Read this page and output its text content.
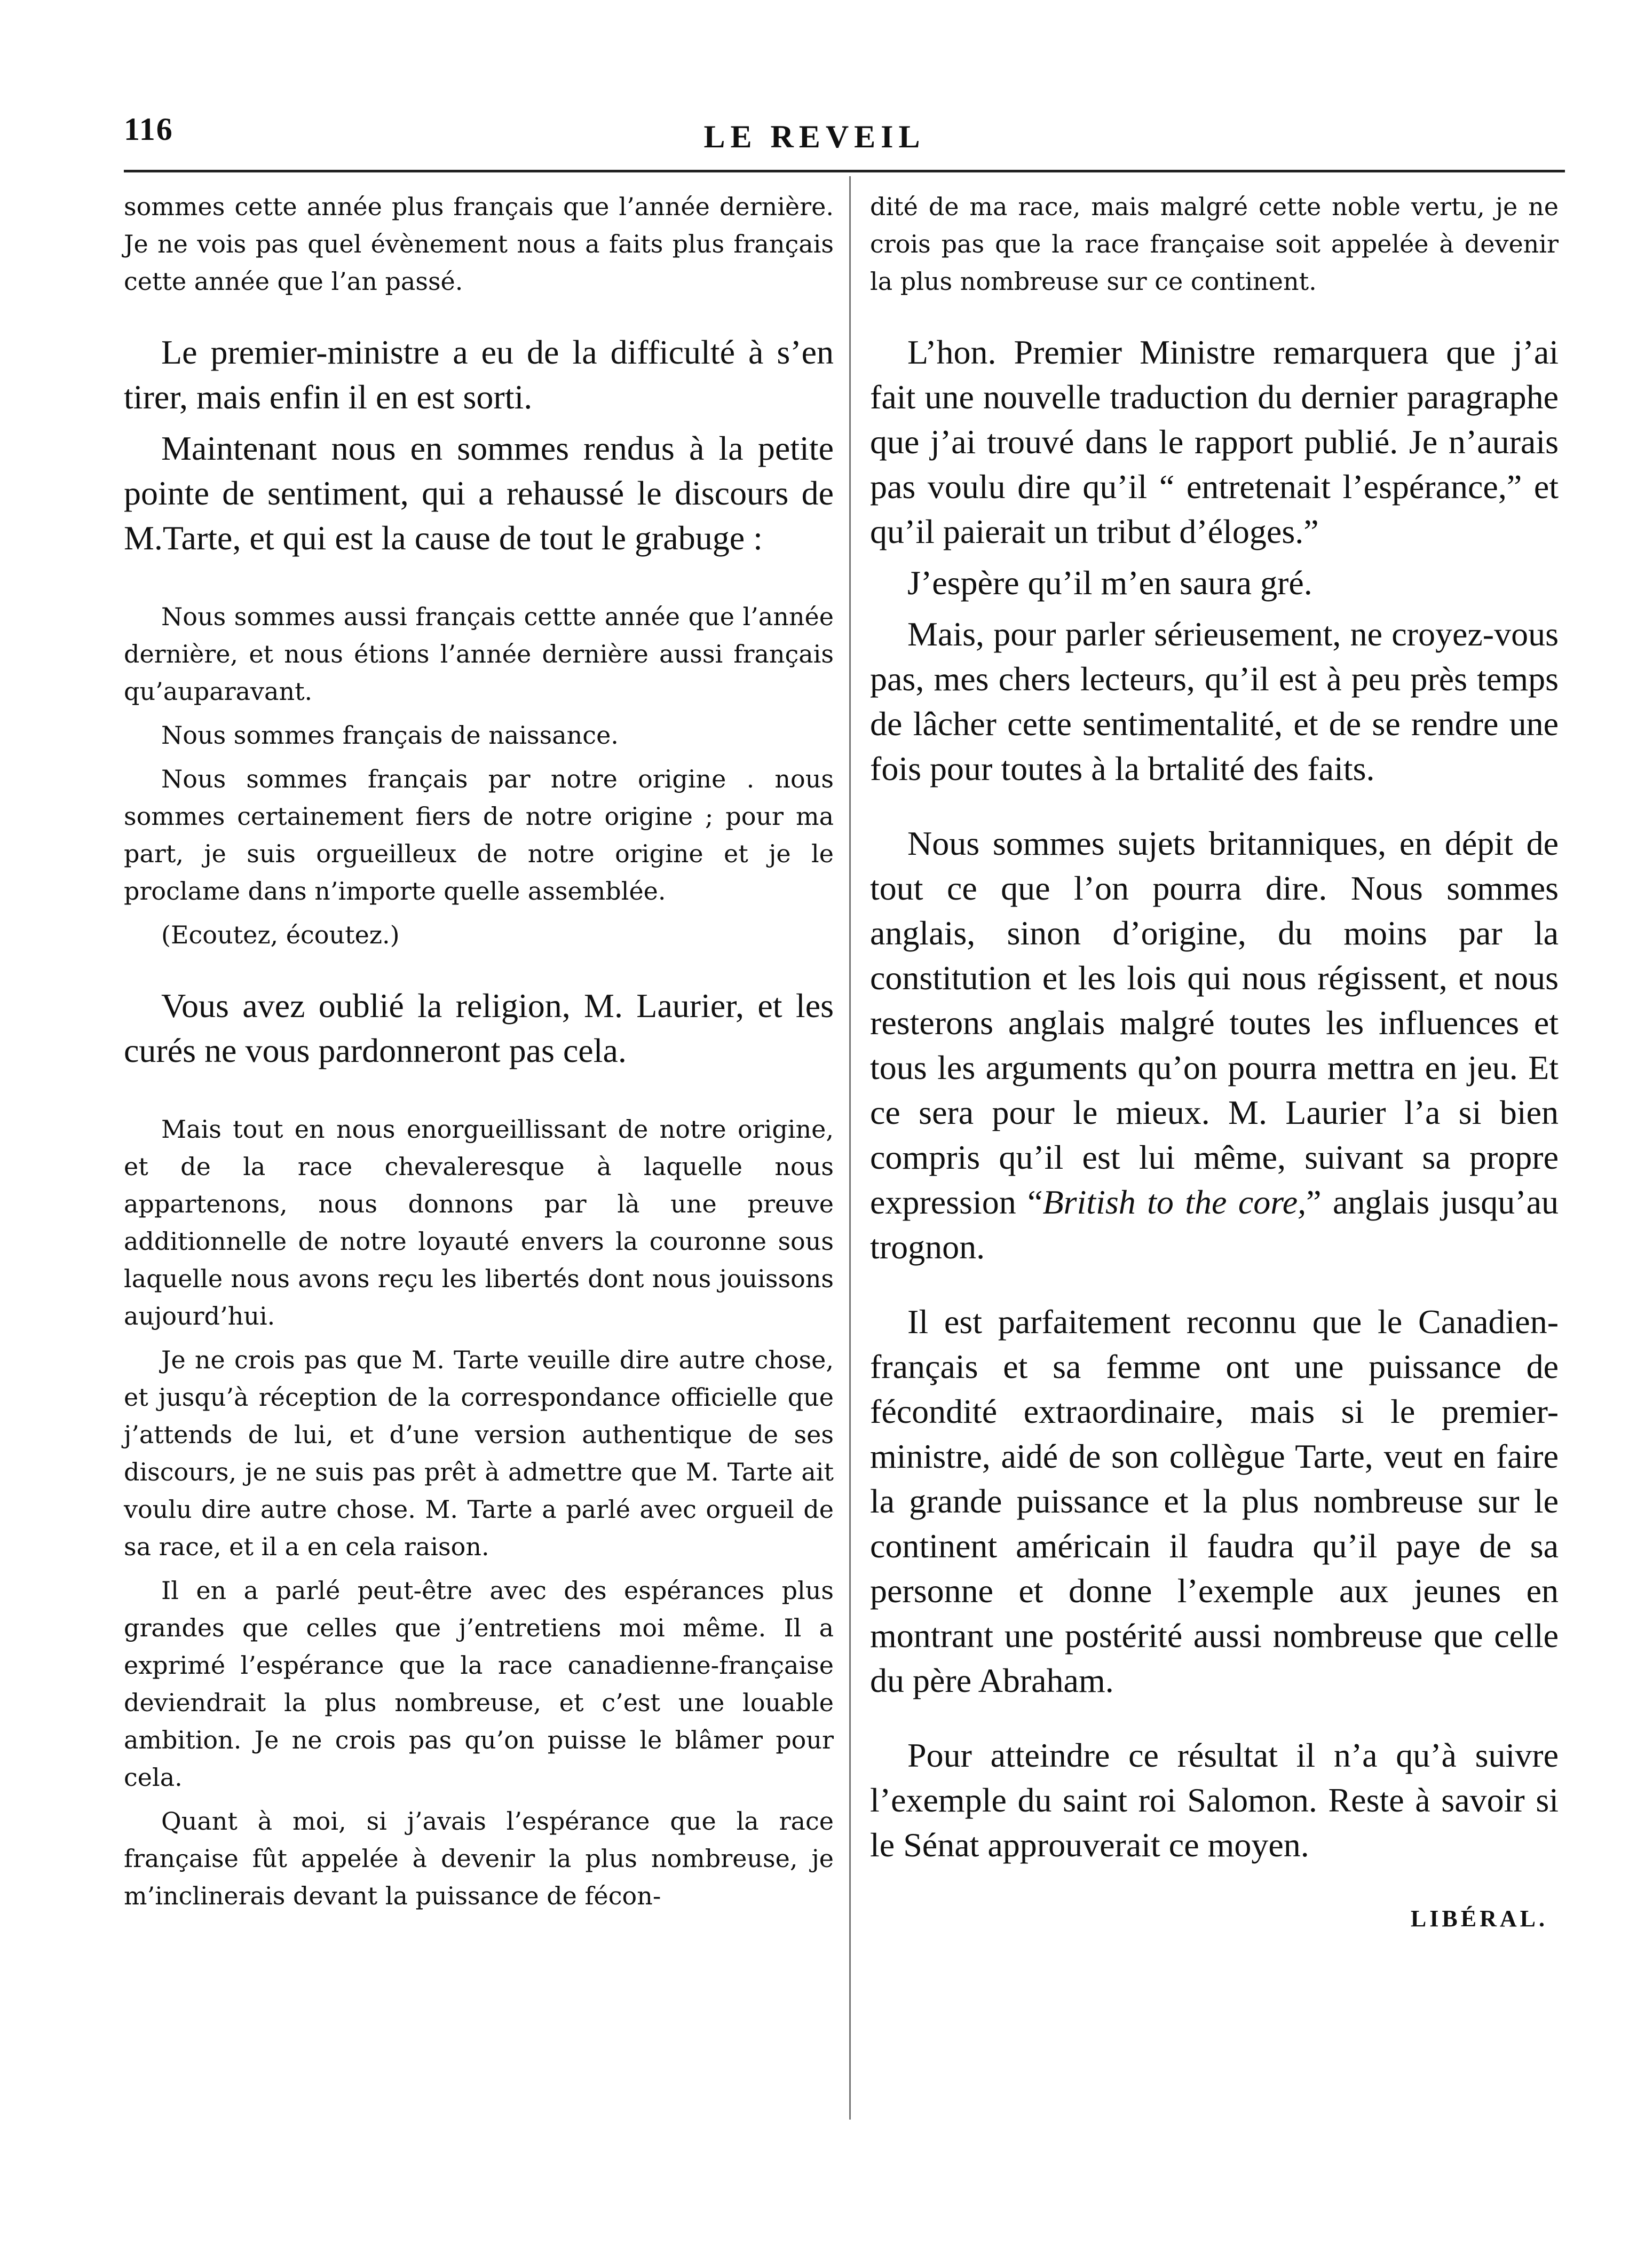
116	LE REVEIL

sommes cette année plus français que l’année dernière. Je ne vois pas quel évènement nous a faits plus français cette année que l’an passé.

Le premier-ministre a eu de la difficulté à s’en tirer, mais enfin il en est sorti.

Maintenant nous en sommes rendus à la petite pointe de sentiment, qui a rehaussé le discours de M.Tarte, et qui est la cause de tout le grabuge :

Nous sommes aussi français cettte année que l’année dernière, et nous étions l’année dernière aussi français qu’auparavant.

Nous sommes français de naissance.

Nous sommes français par notre origine . nous sommes certainement fiers de notre origine ; pour ma part, je suis orgueilleux de notre origine et je le proclame dans n’importe quelle assemblée.

(Ecoutez, écoutez.)

Vous avez oublié la religion, M. Laurier, et les curés ne vous pardonneront pas cela.

Mais tout en nous enorgueillissant de notre origine, et de la race chevaleresque à laquelle nous appartenons, nous donnons par là une preuve additionnelle de notre loyauté envers la couronne sous laquelle nous avons reçu les libertés dont nous jouissons aujourd’hui.

Je ne crois pas que M. Tarte veuille dire autre chose, et jusqu’à réception de la correspondance officielle que j’attends de lui, et d’une version authentique de ses discours, je ne suis pas prêt à admettre que M. Tarte ait voulu dire autre chose. M. Tarte a parlé avec orgueil de sa race, et il a en cela raison.

Il en a parlé peut-être avec des espérances plus grandes que celles que j’entretiens moi même. Il a exprimé l’espérance que la race canadienne-française deviendrait la plus nombreuse, et c’est une louable ambition. Je ne crois pas qu’on puisse le blâmer pour cela.

Quant à moi, si j’avais l’espérance que la race française fût appelée à devenir la plus nombreuse, je m’inclinerais devant la puissance de fécon-

dité de ma race, mais malgré cette noble vertu, je ne crois pas que la race française soit appelée à devenir la plus nombreuse sur ce continent.

L’hon. Premier Ministre remarquera que j’ai fait une nouvelle traduction du dernier paragraphe que j’ai trouvé dans le rapport publié. Je n’aurais pas voulu dire qu’il “ entretenait l’espérance,” et qu’il paierait un tribut d’éloges.”

J’espère qu’il m’en saura gré.

Mais, pour parler sérieusement, ne croyez-vous pas, mes chers lecteurs, qu’il est à peu près temps de lâcher cette sentimentalité, et de se rendre une fois pour toutes à la brtalité des faits.

Nous sommes sujets britanniques, en dépit de tout ce que l’on pourra dire. Nous sommes anglais, sinon d’origine, du moins par la constitution et les lois qui nous régissent, et nous resterons anglais malgré toutes les influences et tous les arguments qu’on pourra mettra en jeu. Et ce sera pour le mieux. M. Laurier l’a si bien compris qu’il est lui même, suivant sa propre expression “British to the core,” anglais jusqu’au trognon.

Il est parfaitement reconnu que le Canadien-français et sa femme ont une puissance de fécondité extraordinaire, mais si le premier-ministre, aidé de son collègue Tarte, veut en faire la grande puissance et la plus nombreuse sur le continent américain il faudra qu’il paye de sa personne et donne l’exemple aux jeunes en montrant une postérité aussi nombreuse que celle du père Abraham.

Pour atteindre ce résultat il n’a qu’à suivre l’exemple du saint roi Salomon. Reste à savoir si le Sénat approuverait ce moyen.

LIBÉRAL.
